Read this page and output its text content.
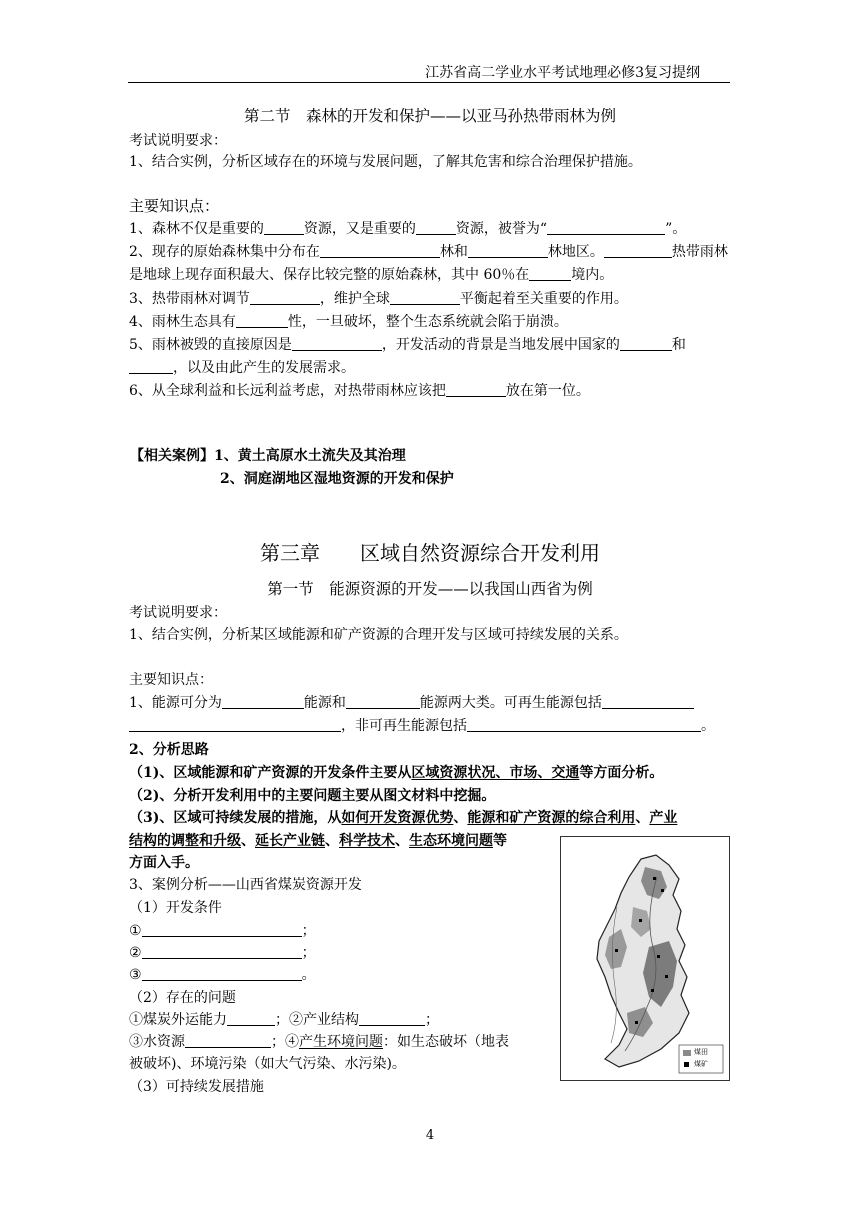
江苏省高二学业水平考试地理必修3复习提纲
第二节　森林的开发和保护——以亚马孙热带雨林为例
考试说明要求：
1、结合实例，分析区域存在的环境与发展问题，了解其危害和综合治理保护措施。
主要知识点：
1、森林不仅是重要的	资源，又是重要的	资源，被誉为“	”。
2、现存的原始森林集中分布在	林和	林地区。	热带雨林
是地球上现存面积最大、保存比较完整的原始森林，其中 60％在	境内。
3、热带雨林对调节	，维护全球	平衡起着至关重要的作用。
4、雨林生态具有	性，一旦破坏，整个生态系统就会陷于崩溃。
5、雨林被毁的直接原因是	，开发活动的背景是当地发展中国家的	和
，以及由此产生的发展需求。
6、从全球利益和长远利益考虑，对热带雨林应该把	放在第一位。
【相关案例】1、黄土高原水土流失及其治理
2、洞庭湖地区湿地资源的开发和保护
第三章　　区域自然资源综合开发利用
第一节　能源资源的开发——以我国山西省为例
考试说明要求：
1、结合实例，分析某区域能源和矿产资源的合理开发与区域可持续发展的关系。
主要知识点：
1、能源可分为	能源和	能源两大类。可再生能源包括
，非可再生能源包括	。
2、分析思路
（1)、区域能源和矿产资源的开发条件主要从区域资源状况、市场、交通等方面分析。
（2)、分析开发利用中的主要问题主要从图文材料中挖掘。
（3)、区域可持续发展的措施，从如何开发资源优势、能源和矿产资源的综合利用、产业
结构的调整和升级、延长产业链、科学技术、生态环境问题等
方面入手。
3、案例分析——山西省煤炭资源开发
（1）开发条件
①	；
②	；
③	。
（2）存在的问题
①煤炭外运能力	；②产业结构	；
③水资源	；④产生环境问题：如生态破坏（地表
被破坏)、环境污染（如大气污染、水污染)。
（3）可持续发展措施
煤田
煤矿
4
